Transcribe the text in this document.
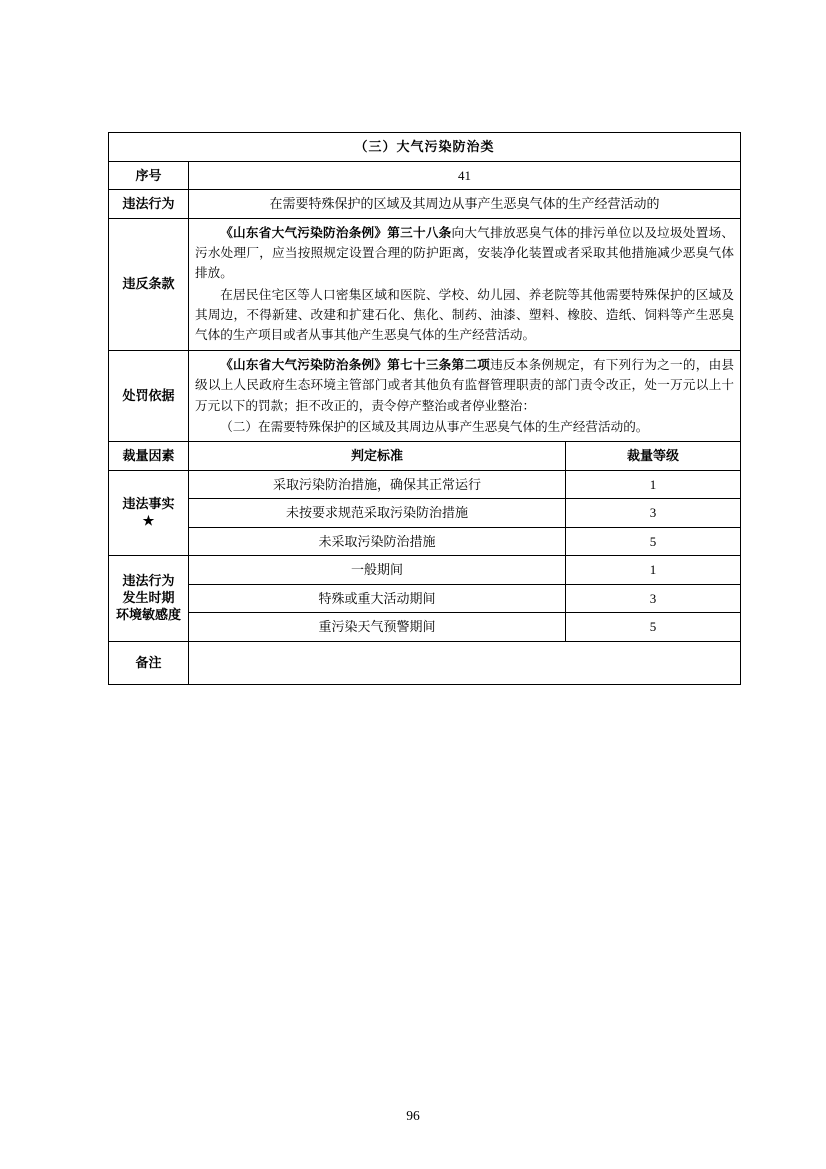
（三）大气污染防治类		
序号	41	
违法行为	在需要特殊保护的区域及其周边从事产生恶臭气体的生产经营活动的	
违反条款	《山东省大气污染防治条例》第三十八条向大气排放恶臭气体的排污单位以及垃圾处置场、污水处理厂，应当按照规定设置合理的防护距离，安装净化装置或者采取其他措施减少恶臭气体排放。

在居民住宅区等人口密集区域和医院、学校、幼儿园、养老院等其他需要特殊保护的区域及其周边，不得新建、改建和扩建石化、焦化、制药、油漆、塑料、橡胶、造纸、饲料等产生恶臭气体的生产项目或者从事其他产生恶臭气体的生产经营活动。	

处罚依据	《山东省大气污染防治条例》第七十三条第二项违反本条例规定，有下列行为之一的，由县级以上人民政府生态环境主管部门或者其他负有监督管理职责的部门责令改正，处一万元以上十万元以下的罚款；拒不改正的，责令停产整治或者停业整治：

（二）在需要特殊保护的区域及其周边从事产生恶臭气体的生产经营活动的。	

裁量因素	判定标准	裁量等级

违法事实
★	采取污染防治措施，确保其正常运行	1
	未按要求规范采取污染防治措施	3
	未采取污染防治措施	5

违法行为
发生时期
环境敏感度	一般期间	1
	特殊或重大活动期间	3
	重污染天气预警期间	5
备注		
96
